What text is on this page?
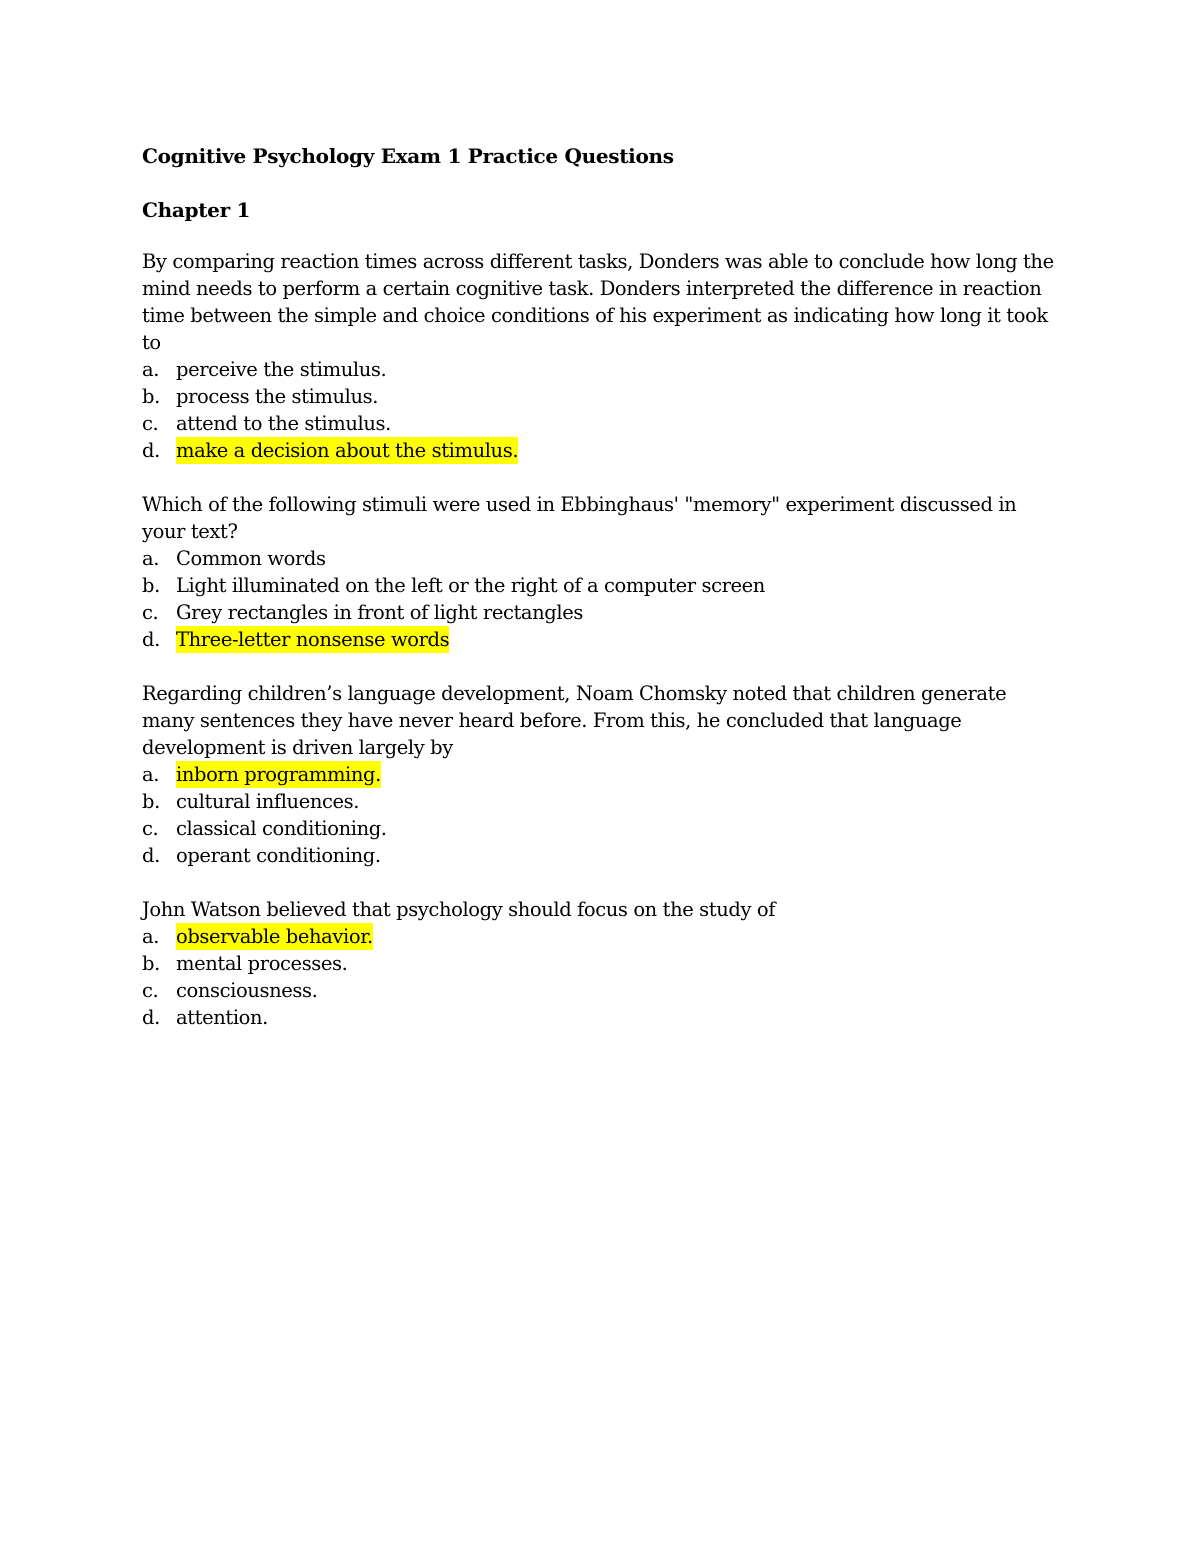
Cognitive Psychology Exam 1 Practice Questions
Chapter 1

By comparing reaction times across different tasks, Donders was able to conclude how long the mind needs to perform a certain cognitive task. Donders interpreted the difference in reaction time between the simple and choice conditions of his experiment as indicating how long it took to

a. perceive the stimulus.
b. process the stimulus.
c. attend to the stimulus.
d. make a decision about the stimulus.

Which of the following stimuli were used in Ebbinghaus' "memory" experiment discussed in your text?

a. Common words
b. Light illuminated on the left or the right of a computer screen
c. Grey rectangles in front of light rectangles
d. Three-letter nonsense words

Regarding children’s language development, Noam Chomsky noted that children generate many sentences they have never heard before. From this, he concluded that language development is driven largely by

a. inborn programming.
b. cultural influences.
c. classical conditioning.
d. operant conditioning.

John Watson believed that psychology should focus on the study of

a. observable behavior.
b. mental processes.
c. consciousness.
d. attention.
